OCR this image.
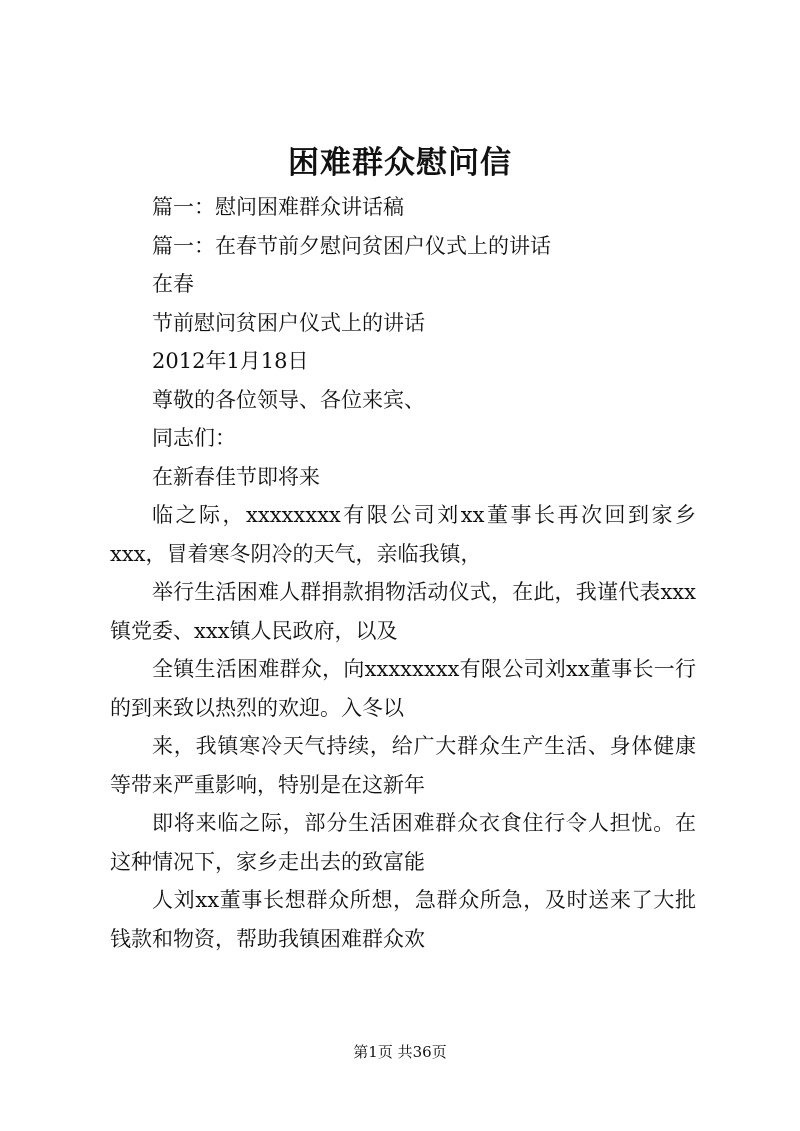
困难群众慰问信

篇一：慰问困难群众讲话稿

篇一：在春节前夕慰问贫困户仪式上的讲话

在春

节前慰问贫困户仪式上的讲话

2012年1月18日

尊敬的各位领导、各位来宾、

同志们：

在新春佳节即将来

临之际，xxxxxxxx有限公司刘xx董事长再次回到家乡xxx，冒着寒冬阴冷的天气，亲临我镇，

举行生活困难人群捐款捐物活动仪式，在此，我谨代表xxx镇党委、xxx镇人民政府，以及

全镇生活困难群众，向xxxxxxxx有限公司刘xx董事长一行的到来致以热烈的欢迎。入冬以

来，我镇寒冷天气持续，给广大群众生产生活、身体健康等带来严重影响，特别是在这新年

即将来临之际，部分生活困难群众衣食住行令人担忧。在这种情况下，家乡走出去的致富能

人刘xx董事长想群众所想，急群众所急，及时送来了大批钱款和物资，帮助我镇困难群众欢

第1页 共36页
